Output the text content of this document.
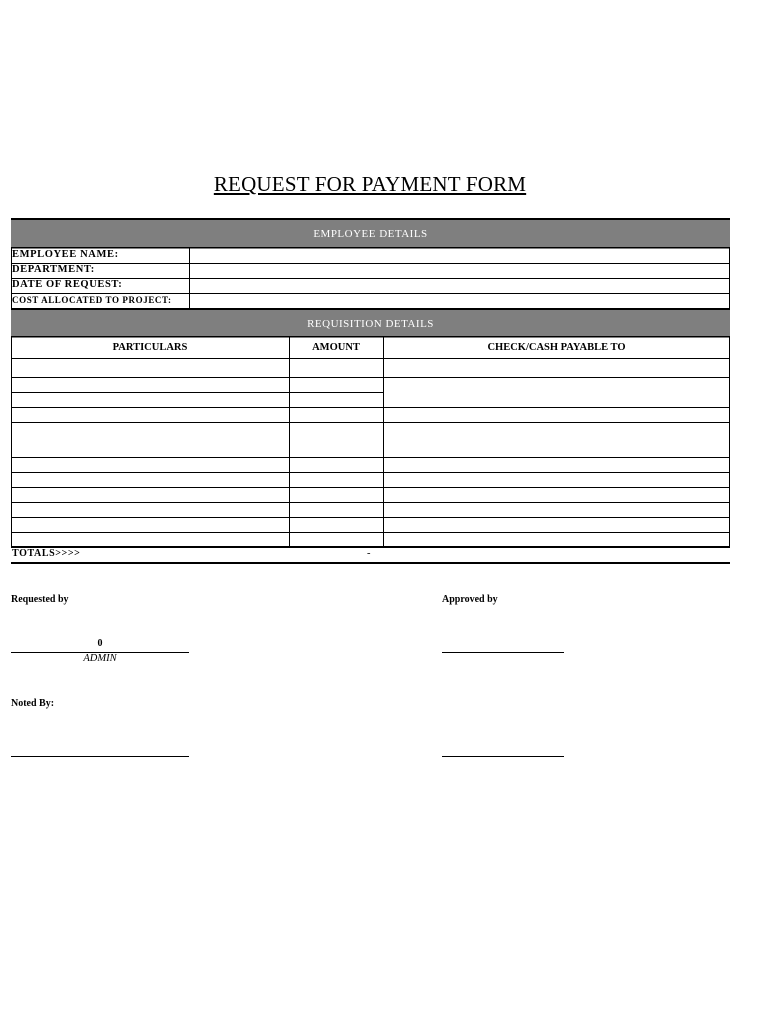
REQUEST FOR PAYMENT FORM
EMPLOYEE DETAILS
EMPLOYEE NAME:
DEPARTMENT:
DATE OF REQUEST:
COST ALLOCATED TO PROJECT:
REQUISITION DETAILS
PARTICULARS	AMOUNT	CHECK/CASH PAYABLE TO
TOTALS>>>>	-
Requested by	Approved by
0
ADMIN
Noted By:
